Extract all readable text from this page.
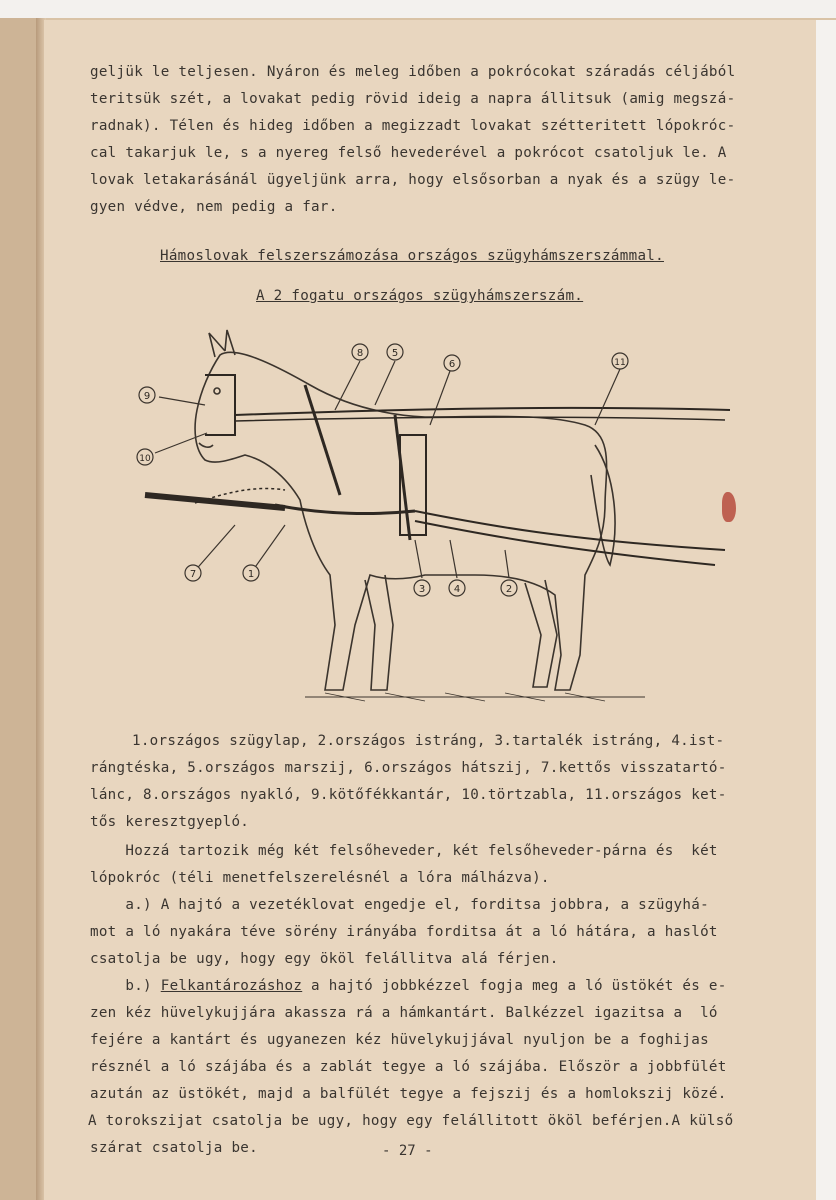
geljük le teljesen. Nyáron és meleg időben a pokrócokat száradás céljából
teritsük szét, a lovakat pedig rövid ideig a napra állitsuk (amig megszá-
radnak). Télen és hideg időben a megizzadt lovakat szétteritett lópokróc-
cal takarjuk le, s a nyereg felső hevederével a pokrócot csatoljuk le. A
lovak letakarásánál ügyeljünk arra, hogy elsősorban a nyak és a szügy le-
gyen védve, nem pedig a far.
Hámoslovak felszerszámozása országos szügyhámszerszámmal.
A 2 fogatu országos szügyhámszerszám.
8	5
6	11
9
10
7	1
3	4	2
1.országos szügylap, 2.országos istráng, 3.tartalék istráng, 4.ist-
rángtéska, 5.országos marszij, 6.országos hátszij, 7.kettős visszatartó-
lánc, 8.országos nyakló, 9.kötőfékkantár, 10.törtzabla, 11.országos ket-
tős keresztgyepló.
Hozzá tartozik még két felsőheveder, két felsőheveder-párna és  két
lópokróc (téli menetfelszerelésnél a lóra málházva).
a.) A hajtó a vezetéklovat engedje el, forditsa jobbra, a szügyhá-
mot a ló nyakára téve sörény irányába forditsa át a ló hátára, a haslót
csatolja be ugy, hogy egy ököl felállitva alá férjen.
b.) Felkantározáshoz a hajtó jobbkézzel fogja meg a ló üstökét és e-
zen kéz hüvelykujjára akassza rá a hámkantárt. Balkézzel igazitsa a  ló
fejére a kantárt és ugyanezen kéz hüvelykujjával nyuljon be a foghijas
résznél a ló szájába és a zablát tegye a ló szájába. Először a jobbfülét
azután az üstökét, majd a balfülét tegye a fejszij és a homlokszij közé.
A torokszijat csatolja be ugy, hogy egy felállitott ököl beférjen.A külső
szárat csatolja be.	- 27 -
